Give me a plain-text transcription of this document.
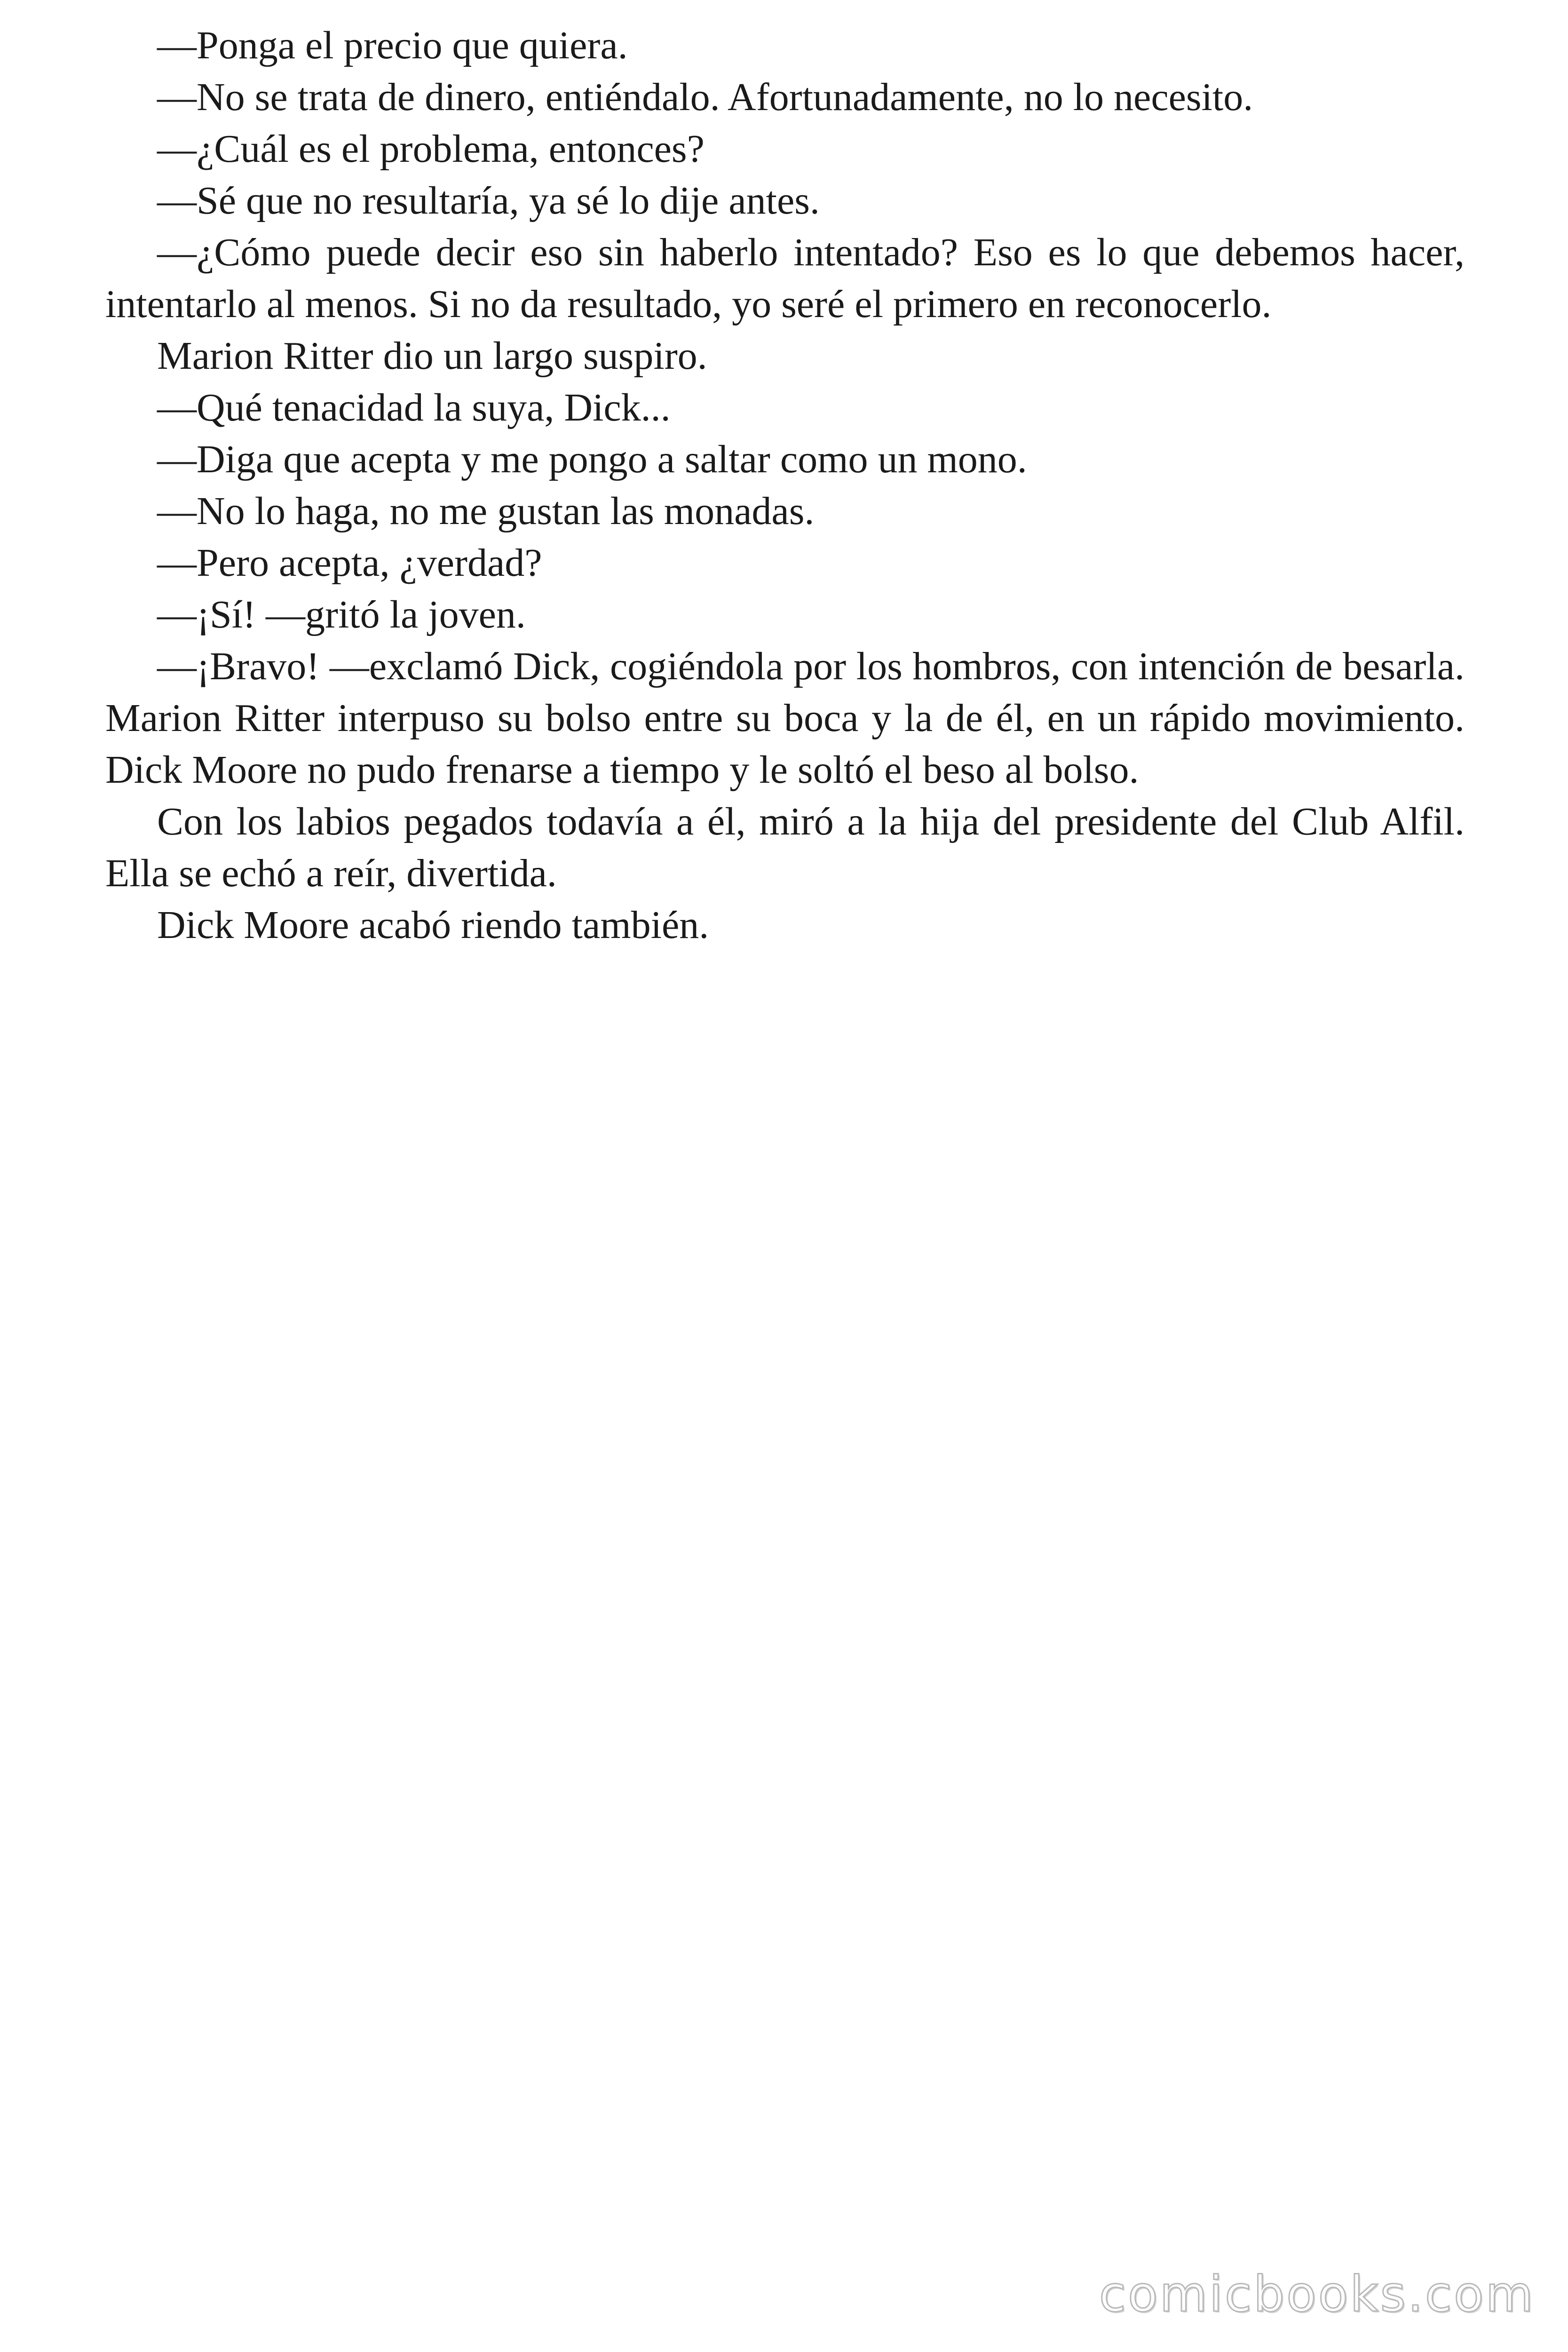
—Ponga el precio que quiera.

—No se trata de dinero, entiéndalo. Afortunadamente, no lo necesito.

—¿Cuál es el problema, entonces?

—Sé que no resultaría, ya sé lo dije antes.

—¿Cómo puede decir eso sin haberlo intentado? Eso es lo que debemos hacer, intentarlo al menos. Si no da resultado, yo seré el primero en reconocerlo.

Marion Ritter dio un largo suspiro.

—Qué tenacidad la suya, Dick...

—Diga que acepta y me pongo a saltar como un mono.

—No lo haga, no me gustan las monadas.

—Pero acepta, ¿verdad?

—¡Sí! —gritó la joven.

—¡Bravo! —exclamó Dick, cogiéndola por los hombros, con intención de besarla. Marion Ritter interpuso su bolso entre su boca y la de él, en un rápido movimiento. Dick Moore no pudo frenarse a tiempo y le soltó el beso al bolso.

Con los labios pegados todavía a él, miró a la hija del presidente del Club Alfil. Ella se echó a reír, divertida.

Dick Moore acabó riendo también.

comicbooks.com
